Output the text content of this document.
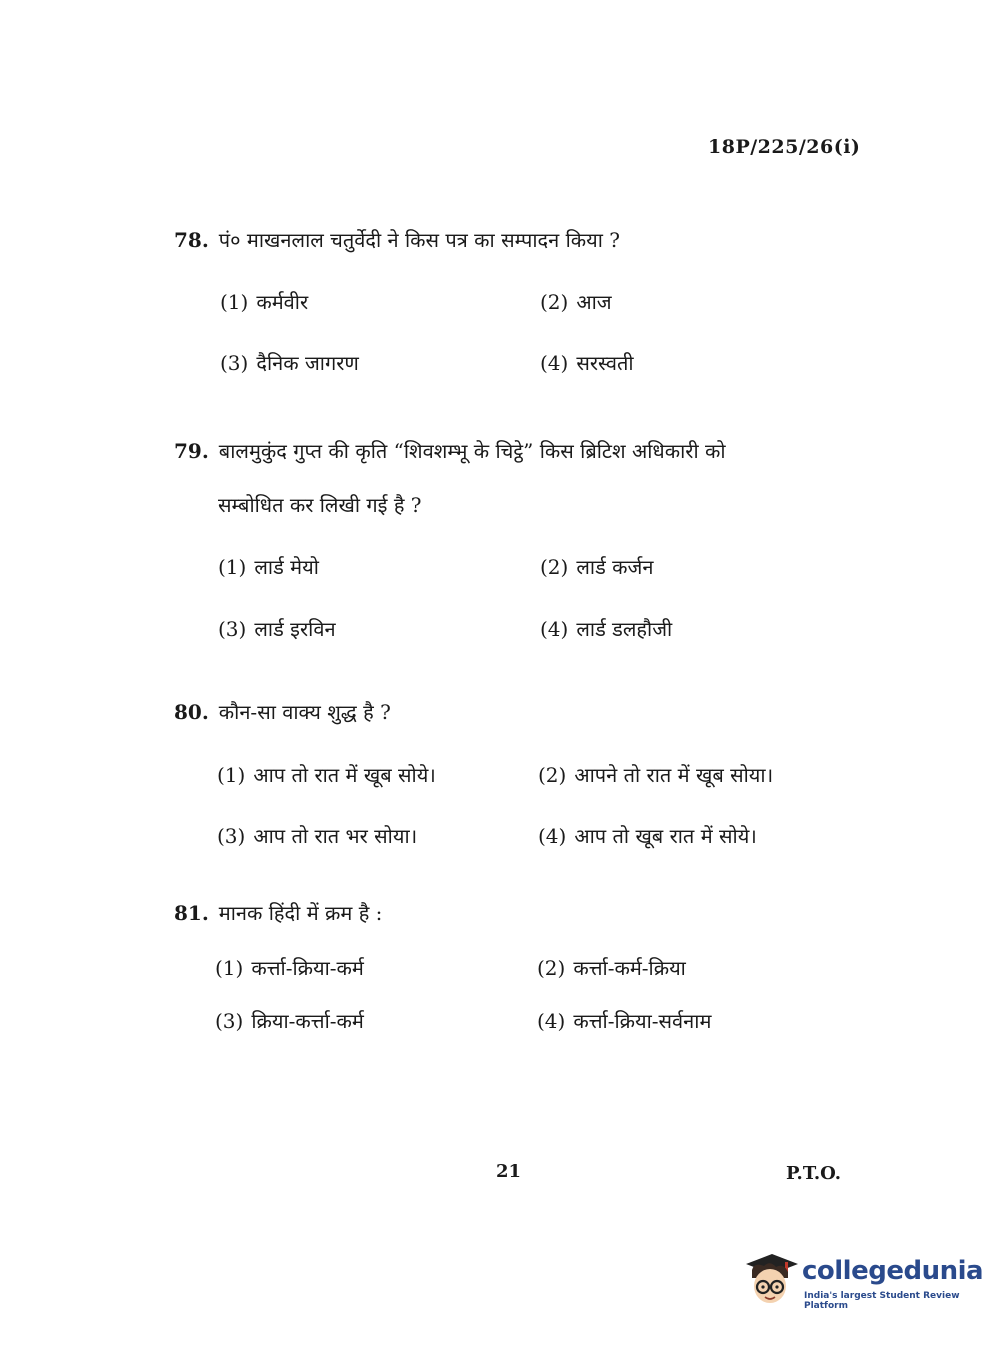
18P/225/26(i)
78. पं० माखनलाल चतुर्वेदी ने किस पत्र का सम्पादन किया ?
(1) कर्मवीर	(2) आज
(3) दैनिक जागरण	(4) सरस्वती
79. बालमुकुंद गुप्त की कृति “शिवशम्भू के चिट्ठे” किस ब्रिटिश अधिकारी को
सम्बोधित कर लिखी गई है ?
(1) लार्ड मेयो	(2) लार्ड कर्जन
(3) लार्ड इरविन	(4) लार्ड डलहौजी
80. कौन-सा वाक्य शुद्ध है ?
(1) आप तो रात में खूब सोये।	(2) आपने तो रात में खूब सोया।
(3) आप तो रात भर सोया।	(4) आप तो खूब रात में सोये।
81. मानक हिंदी में क्रम है :
(1) कर्त्ता-क्रिया-कर्म	(2) कर्त्ता-कर्म-क्रिया
(3) क्रिया-कर्त्ता-कर्म	(4) कर्त्ता-क्रिया-सर्वनाम
21	P.T.O.
collegedunia
India's largest Student Review Platform
